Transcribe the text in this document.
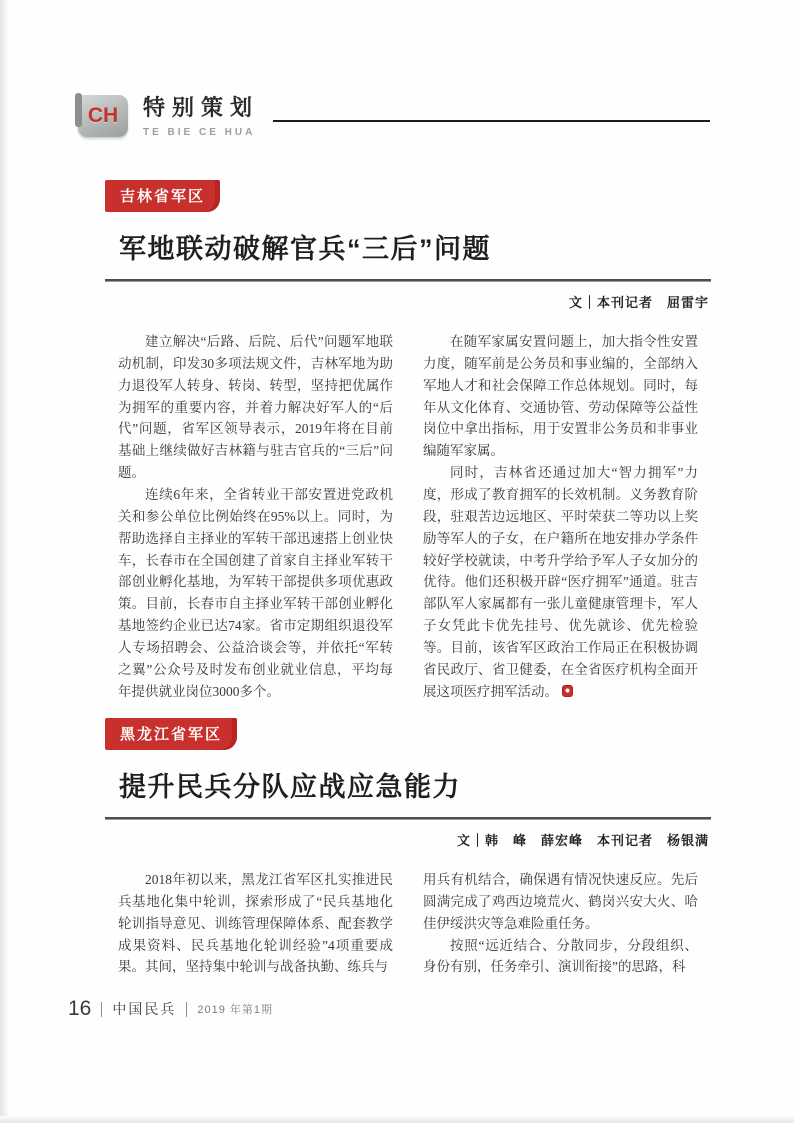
CH 特别策划
TE BIE CE HUA
吉林省军区
军地联动破解官兵“三后”问题
文｜本刊记者　屈雷宇

建立解决“后路、后院、后代”问题军地联动机制，印发30多项法规文件，吉林军地为助力退役军人转身、转岗、转型，坚持把优属作为拥军的重要内容，并着力解决好军人的“后代”问题，省军区领导表示，2019年将在目前基础上继续做好吉林籍与驻吉官兵的“三后”问题。

连续6年来，全省转业干部安置进党政机关和参公单位比例始终在95%以上。同时，为帮助选择自主择业的军转干部迅速搭上创业快车，长春市在全国创建了首家自主择业军转干部创业孵化基地，为军转干部提供多项优惠政策。目前，长春市自主择业军转干部创业孵化基地签约企业已达74家。省市定期组织退役军人专场招聘会、公益洽谈会等，并依托“军转之翼”公众号及时发布创业就业信息，平均每年提供就业岗位3000多个。

在随军家属安置问题上，加大指令性安置力度，随军前是公务员和事业编的，全部纳入军地人才和社会保障工作总体规划。同时，每年从文化体育、交通协管、劳动保障等公益性岗位中拿出指标，用于安置非公务员和非事业编随军家属。

同时，吉林省还通过加大“智力拥军”力度，形成了教育拥军的长效机制。义务教育阶段，驻艰苦边远地区、平时荣获二等功以上奖励等军人的子女，在户籍所在地安排办学条件较好学校就读，中考升学给予军人子女加分的优待。他们还积极开辟“医疗拥军”通道。驻吉部队军人家属都有一张儿童健康管理卡，军人子女凭此卡优先挂号、优先就诊、优先检验等。目前，该省军区政治工作局正在积极协调省民政厅、省卫健委，在全省医疗机构全面开展这项医疗拥军活动。

黑龙江省军区
提升民兵分队应战应急能力
文｜韩　峰　薛宏峰　本刊记者　杨银满

2018年初以来，黑龙江省军区扎实推进民兵基地化集中轮训，探索形成了“民兵基地化轮训指导意见、训练管理保障体系、配套教学成果资料、民兵基地化轮训经验”4项重要成果。其间，坚持集中轮训与战备执勤、练兵与

用兵有机结合，确保遇有情况快速反应。先后圆满完成了鸡西边境荒火、鹤岗兴安大火、哈佳伊绥洪灾等急难险重任务。

按照“远近结合、分散同步，分段组织、身份有别，任务牵引、演训衔接”的思路，科

16 中国民兵 2019 年第1期
